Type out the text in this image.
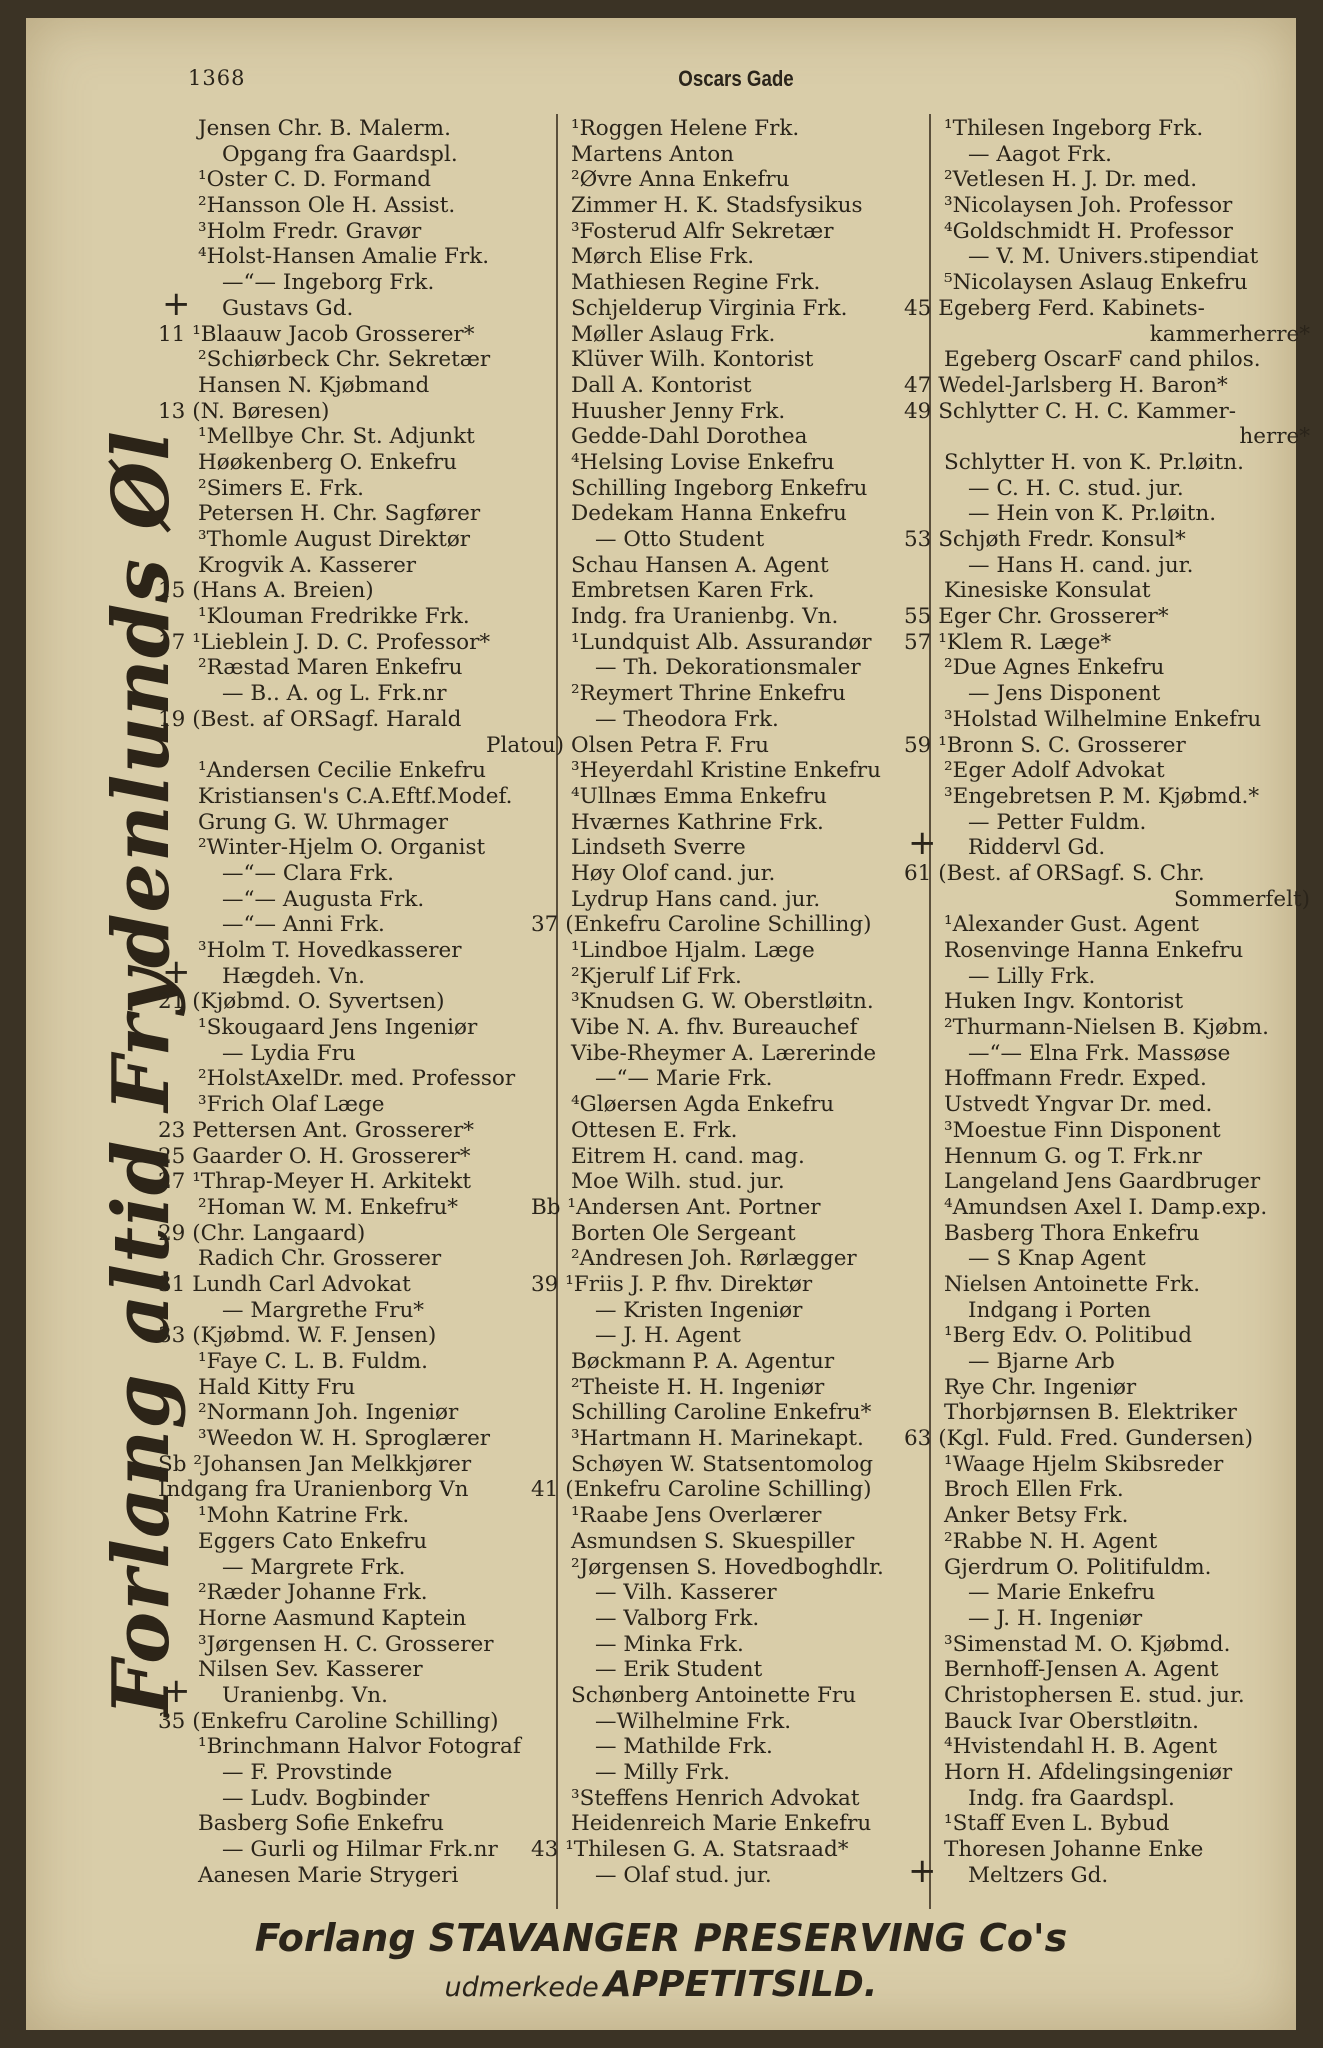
1368	Oscars Gade
Forlang altid Frydenlunds Øl
Jensen Chr. B. Malerm.
Opgang fra Gaardspl.
¹Oster C. D. Formand
²Hansson Ole H. Assist.
³Holm Fredr. Gravør
⁴Holst-Hansen Amalie Frk.
—“— Ingeborg Frk.
+ Gustavs Gd.
11 ¹Blaauw Jacob Grosserer*
²Schiørbeck Chr. Sekretær
Hansen N. Kjøbmand
13 (N. Børesen)
¹Mellbye Chr. St. Adjunkt
Høøkenberg O. Enkefru
²Simers E. Frk.
Petersen H. Chr. Sagfører
³Thomle August Direktør
Krogvik A. Kasserer
15 (Hans A. Breien)
¹Klouman Fredrikke Frk.
17 ¹Lieblein J. D. C. Professor*
²Ræstad Maren Enkefru
— B.. A. og L. Frk.nr
19 (Best. af ORSagf. Harald
Platou)
¹Andersen Cecilie Enkefru
Kristiansen's C.A.Eftf.Modef.
Grung G. W. Uhrmager
²Winter-Hjelm O. Organist
—“— Clara Frk.
—“— Augusta Frk.
—“— Anni Frk.
³Holm T. Hovedkasserer
+ Hægdeh. Vn.
21 (Kjøbmd. O. Syvertsen)
¹Skougaard Jens Ingeniør
— Lydia Fru
²HolstAxelDr. med. Professor
³Frich Olaf Læge
23 Pettersen Ant. Grosserer*
25 Gaarder O. H. Grosserer*
27 ¹Thrap-Meyer H. Arkitekt
²Homan W. M. Enkefru*
29 (Chr. Langaard)
Radich Chr. Grosserer
31 Lundh Carl Advokat
— Margrethe Fru*
33 (Kjøbmd. W. F. Jensen)
¹Faye C. L. B. Fuldm.
Hald Kitty Fru
²Normann Joh. Ingeniør
³Weedon W. H. Sproglærer
Sb ²Johansen Jan Melkkjører
Indgang fra Uranienborg Vn
¹Mohn Katrine Frk.
Eggers Cato Enkefru
— Margrete Frk.
²Ræder Johanne Frk.
Horne Aasmund Kaptein
³Jørgensen H. C. Grosserer
Nilsen Sev. Kasserer
+ Uranienbg. Vn.
35 (Enkefru Caroline Schilling)
¹Brinchmann Halvor Fotograf
— F. Provstinde
— Ludv. Bogbinder
Basberg Sofie Enkefru
— Gurli og Hilmar Frk.nr
Aanesen Marie Strygeri
¹Roggen Helene Frk.
Martens Anton
²Øvre Anna Enkefru
Zimmer H. K. Stadsfysikus
³Fosterud Alfr Sekretær
Mørch Elise Frk.
Mathiesen Regine Frk.
Schjelderup Virginia Frk.
Møller Aslaug Frk.
Klüver Wilh. Kontorist
Dall A. Kontorist
Huusher Jenny Frk.
Gedde-Dahl Dorothea
⁴Helsing Lovise Enkefru
Schilling Ingeborg Enkefru
Dedekam Hanna Enkefru
— Otto Student
Schau Hansen A. Agent
Embretsen Karen Frk.
Indg. fra Uranienbg. Vn.
¹Lundquist Alb. Assurandør
— Th. Dekorationsmaler
²Reymert Thrine Enkefru
— Theodora Frk.
Olsen Petra F. Fru
³Heyerdahl Kristine Enkefru
⁴Ullnæs Emma Enkefru
Hværnes Kathrine Frk.
Lindseth Sverre
Høy Olof cand. jur.
Lydrup Hans cand. jur.
37 (Enkefru Caroline Schilling)
¹Lindboe Hjalm. Læge
²Kjerulf Lif Frk.
³Knudsen G. W. Oberstløitn.
Vibe N. A. fhv. Bureauchef
Vibe-Rheymer A. Lærerinde
—“— Marie Frk.
⁴Gløersen Agda Enkefru
Ottesen E. Frk.
Eitrem H. cand. mag.
Moe Wilh. stud. jur.
Bb ¹Andersen Ant. Portner
Borten Ole Sergeant
²Andresen Joh. Rørlægger
39 ¹Friis J. P. fhv. Direktør
— Kristen Ingeniør
— J. H. Agent
Bøckmann P. A. Agentur
²Theiste H. H. Ingeniør
Schilling Caroline Enkefru*
³Hartmann H. Marinekapt.
Schøyen W. Statsentomolog
41 (Enkefru Caroline Schilling)
¹Raabe Jens Overlærer
Asmundsen S. Skuespiller
²Jørgensen S. Hovedboghdlr.
— Vilh. Kasserer
— Valborg Frk.
— Minka Frk.
— Erik Student
Schønberg Antoinette Fru
—Wilhelmine Frk.
— Mathilde Frk.
— Milly Frk.
³Steffens Henrich Advokat
Heidenreich Marie Enkefru
43 ¹Thilesen G. A. Statsraad*
— Olaf stud. jur.
¹Thilesen Ingeborg Frk.
— Aagot Frk.
²Vetlesen H. J. Dr. med.
³Nicolaysen Joh. Professor
⁴Goldschmidt H. Professor
— V. M. Univers.stipendiat
⁵Nicolaysen Aslaug Enkefru
45 Egeberg Ferd. Kabinets-
kammerherre*
Egeberg OscarF cand philos.
47 Wedel-Jarlsberg H. Baron*
49 Schlytter C. H. C. Kammer-
herre*
Schlytter H. von K. Pr.løitn.
— C. H. C. stud. jur.
— Hein von K. Pr.løitn.
53 Schjøth Fredr. Konsul*
— Hans H. cand. jur.
Kinesiske Konsulat
55 Eger Chr. Grosserer*
57 ¹Klem R. Læge*
²Due Agnes Enkefru
— Jens Disponent
³Holstad Wilhelmine Enkefru
59 ¹Bronn S. C. Grosserer
²Eger Adolf Advokat
³Engebretsen P. M. Kjøbmd.*
— Petter Fuldm.
+ Riddervl Gd.
61 (Best. af ORSagf. S. Chr.
Sommerfelt)
¹Alexander Gust. Agent
Rosenvinge Hanna Enkefru
— Lilly Frk.
Huken Ingv. Kontorist
²Thurmann-Nielsen B. Kjøbm.
—“— Elna Frk. Massøse
Hoffmann Fredr. Exped.
Ustvedt Yngvar Dr. med.
³Moestue Finn Disponent
Hennum G. og T. Frk.nr
Langeland Jens Gaardbruger
⁴Amundsen Axel I. Damp.exp.
Basberg Thora Enkefru
— S Knap Agent
Nielsen Antoinette Frk.
Indgang i Porten
¹Berg Edv. O. Politibud
— Bjarne Arb
Rye Chr. Ingeniør
Thorbjørnsen B. Elektriker
63 (Kgl. Fuld. Fred. Gundersen)
¹Waage Hjelm Skibsreder
Broch Ellen Frk.
Anker Betsy Frk.
²Rabbe N. H. Agent
Gjerdrum O. Politifuldm.
— Marie Enkefru
— J. H. Ingeniør
³Simenstad M. O. Kjøbmd.
Bernhoff-Jensen A. Agent
Christophersen E. stud. jur.
Bauck Ivar Oberstløitn.
⁴Hvistendahl H. B. Agent
Horn H. Afdelingsingeniør
Indg. fra Gaardspl.
¹Staff Even L. Bybud
Thoresen Johanne Enke
+ Meltzers Gd.
Forlang STAVANGER PRESERVING Co's
udmerkede APPETITSILD.
